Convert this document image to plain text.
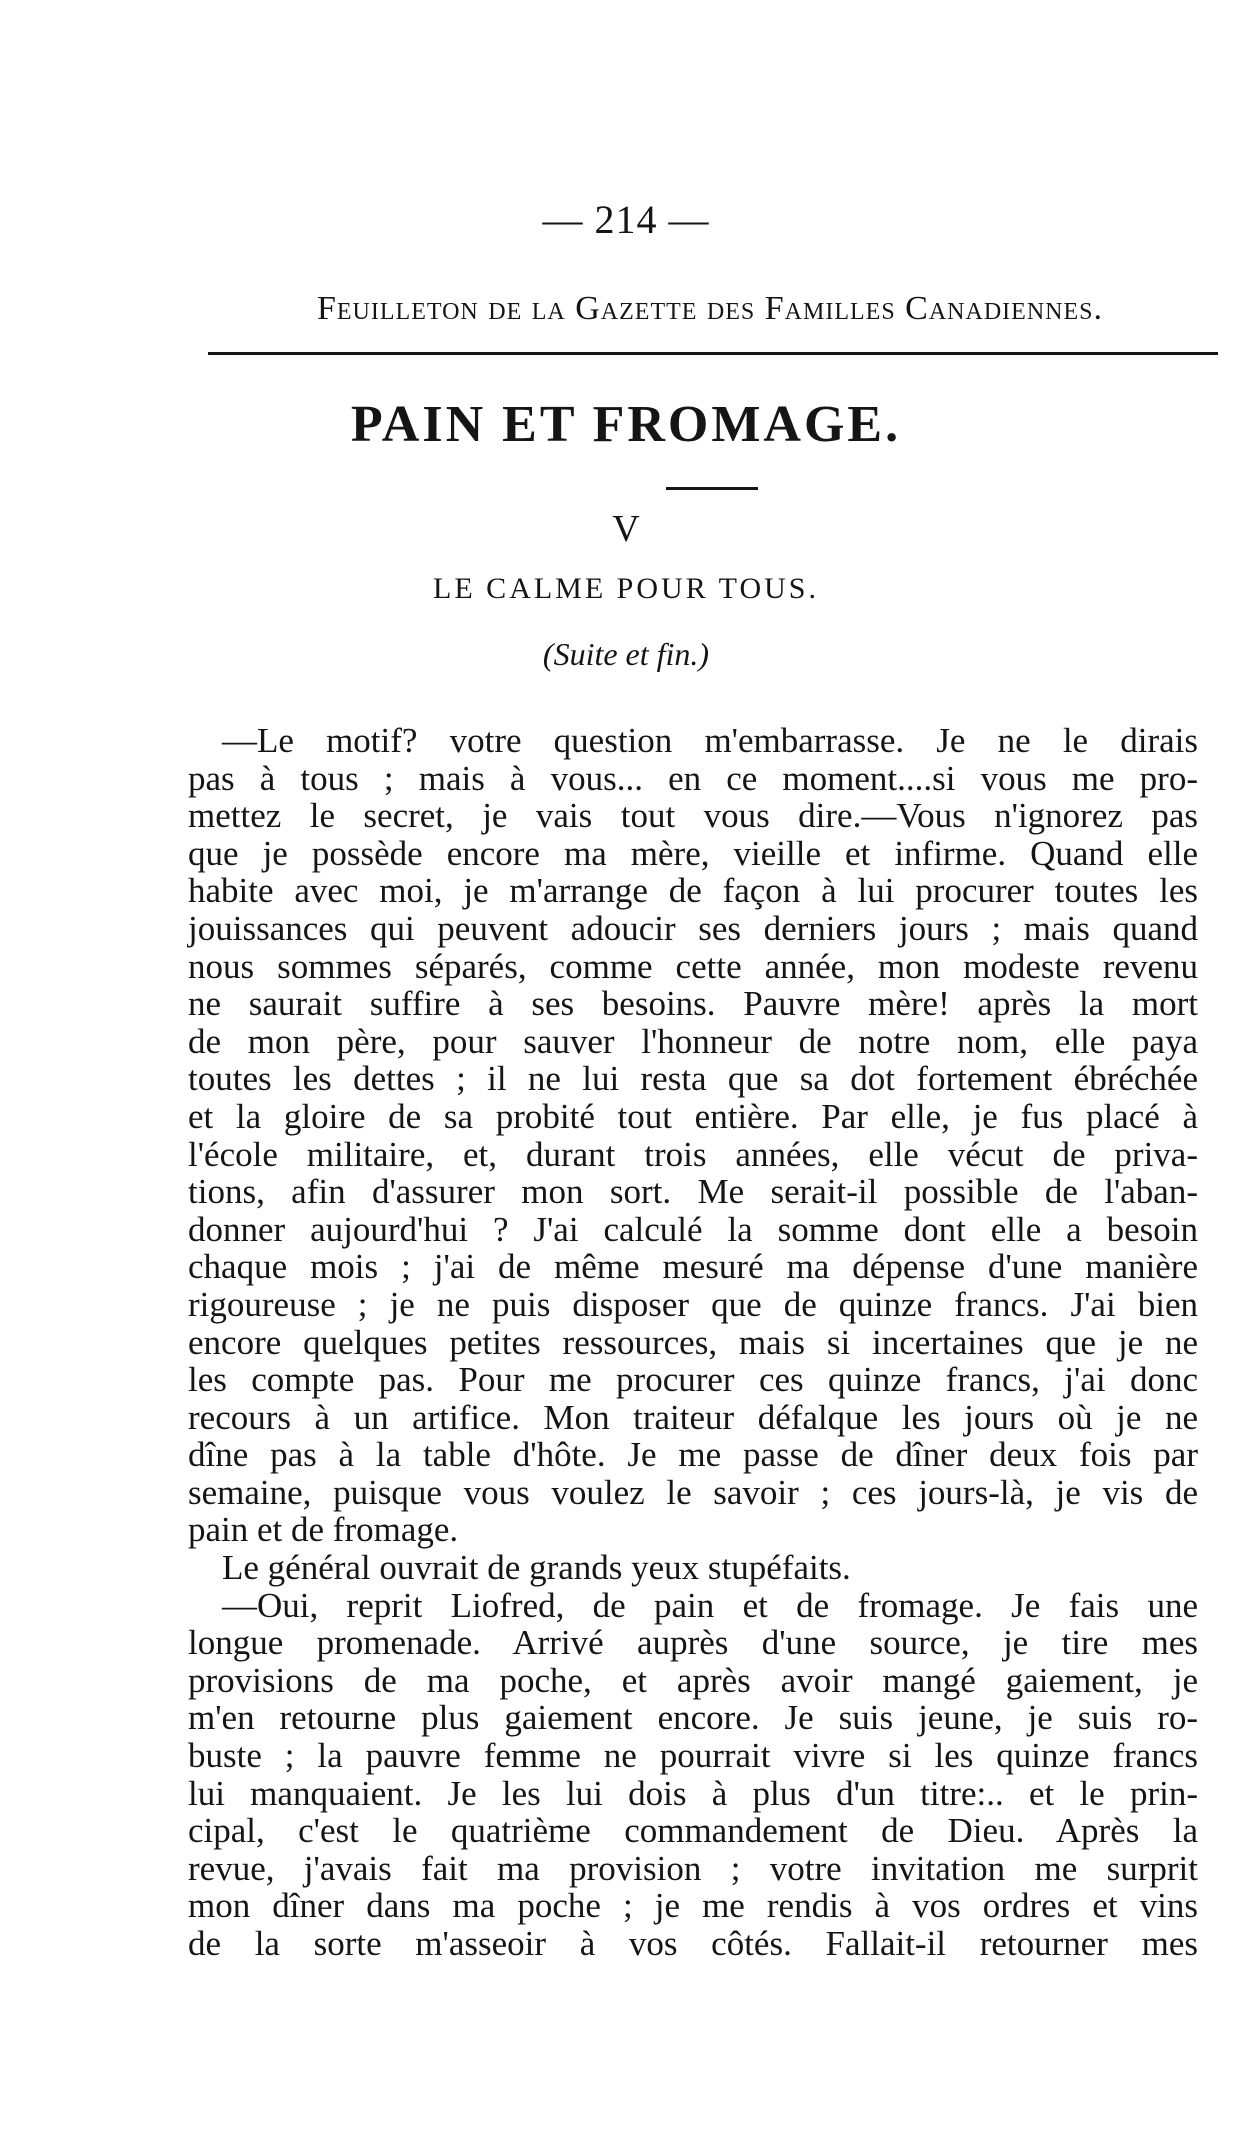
— 214 —
Feuilleton de la Gazette des Familles Canadiennes.
PAIN ET FROMAGE.
V
LE CALME POUR TOUS.
(Suite et fin.)
—Le motif? votre question m'embarrasse. Je ne le dirais
pas à tous ; mais à vous... en ce moment....si vous me pro-
mettez le secret, je vais tout vous dire.—Vous n'ignorez pas
que je possède encore ma mère, vieille et infirme. Quand elle
habite avec moi, je m'arrange de façon à lui procurer toutes les
jouissances qui peuvent adoucir ses derniers jours ; mais quand
nous sommes séparés, comme cette année, mon modeste revenu
ne saurait suffire à ses besoins. Pauvre mère! après la mort
de mon père, pour sauver l'honneur de notre nom, elle paya
toutes les dettes ; il ne lui resta que sa dot fortement ébréchée
et la gloire de sa probité tout entière. Par elle, je fus placé à
l'école militaire, et, durant trois années, elle vécut de priva-
tions, afin d'assurer mon sort. Me serait-il possible de l'aban-
donner aujourd'hui ? J'ai calculé la somme dont elle a besoin
chaque mois ; j'ai de même mesuré ma dépense d'une manière
rigoureuse ; je ne puis disposer que de quinze francs. J'ai bien
encore quelques petites ressources, mais si incertaines que je ne
les compte pas. Pour me procurer ces quinze francs, j'ai donc
recours à un artifice. Mon traiteur défalque les jours où je ne
dîne pas à la table d'hôte. Je me passe de dîner deux fois par
semaine, puisque vous voulez le savoir ; ces jours-là, je vis de
pain et de fromage.
Le général ouvrait de grands yeux stupéfaits.
—Oui, reprit Liofred, de pain et de fromage. Je fais une
longue promenade. Arrivé auprès d'une source, je tire mes
provisions de ma poche, et après avoir mangé gaiement, je
m'en retourne plus gaiement encore. Je suis jeune, je suis ro-
buste ; la pauvre femme ne pourrait vivre si les quinze francs
lui manquaient. Je les lui dois à plus d'un titre:.. et le prin-
cipal, c'est le quatrième commandement de Dieu. Après la
revue, j'avais fait ma provision ; votre invitation me surprit
mon dîner dans ma poche ; je me rendis à vos ordres et vins
de la sorte m'asseoir à vos côtés. Fallait-il retourner mes
